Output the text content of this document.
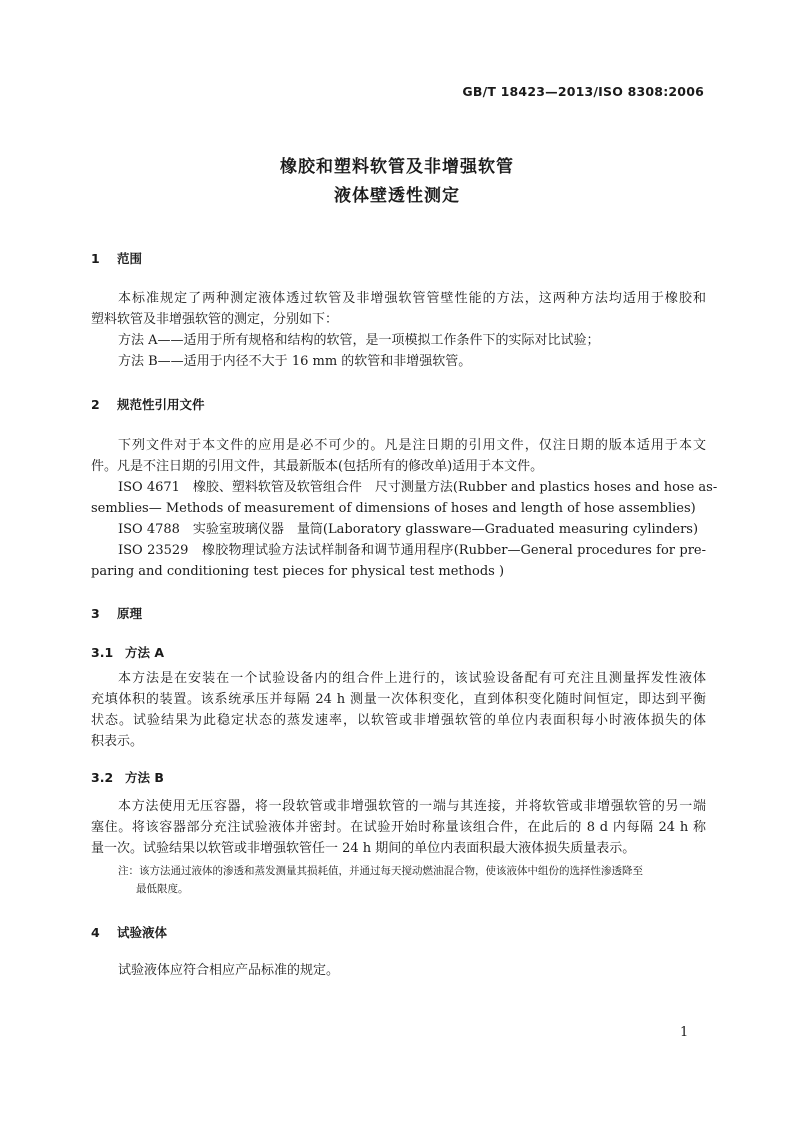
GB/T 18423—2013/ISO 8308:2006
橡胶和塑料软管及非增强软管
液体壁透性测定
1 范围
本标准规定了两种测定液体透过软管及非增强软管管壁性能的方法，这两种方法均适用于橡胶和
塑料软管及非增强软管的测定，分别如下：
方法 A——适用于所有规格和结构的软管，是一项模拟工作条件下的实际对比试验；
方法 B——适用于内径不大于 16 mm 的软管和非增强软管。
2 规范性引用文件
下列文件对于本文件的应用是必不可少的。凡是注日期的引用文件，仅注日期的版本适用于本文
件。凡是不注日期的引用文件，其最新版本(包括所有的修改单)适用于本文件。
ISO 4671　橡胶、塑料软管及软管组合件　尺寸测量方法(Rubber and plastics hoses and hose as-
semblies— Methods of measurement of dimensions of hoses and length of hose assemblies)
ISO 4788　实验室玻璃仪器　量筒(Laboratory glassware—Graduated measuring cylinders)
ISO 23529　橡胶物理试验方法试样制备和调节通用程序(Rubber—General procedures for pre-
paring and conditioning test pieces for physical test methods )
3 原理
3.1 方法 A
本方法是在安装在一个试验设备内的组合件上进行的，该试验设备配有可充注且测量挥发性液体
充填体积的装置。该系统承压并每隔 24 h 测量一次体积变化，直到体积变化随时间恒定，即达到平衡
状态。试验结果为此稳定状态的蒸发速率，以软管或非增强软管的单位内表面积每小时液体损失的体
积表示。
3.2 方法 B
本方法使用无压容器，将一段软管或非增强软管的一端与其连接，并将软管或非增强软管的另一端
塞住。将该容器部分充注试验液体并密封。在试验开始时称量该组合件，在此后的 8 d 内每隔 24 h 称
量一次。试验结果以软管或非增强软管任一 24 h 期间的单位内表面积最大液体损失质量表示。
注：该方法通过液体的渗透和蒸发测量其损耗值，并通过每天搅动燃油混合物，使该液体中组份的选择性渗透降至
最低限度。
4 试验液体
试验液体应符合相应产品标准的规定。
1
